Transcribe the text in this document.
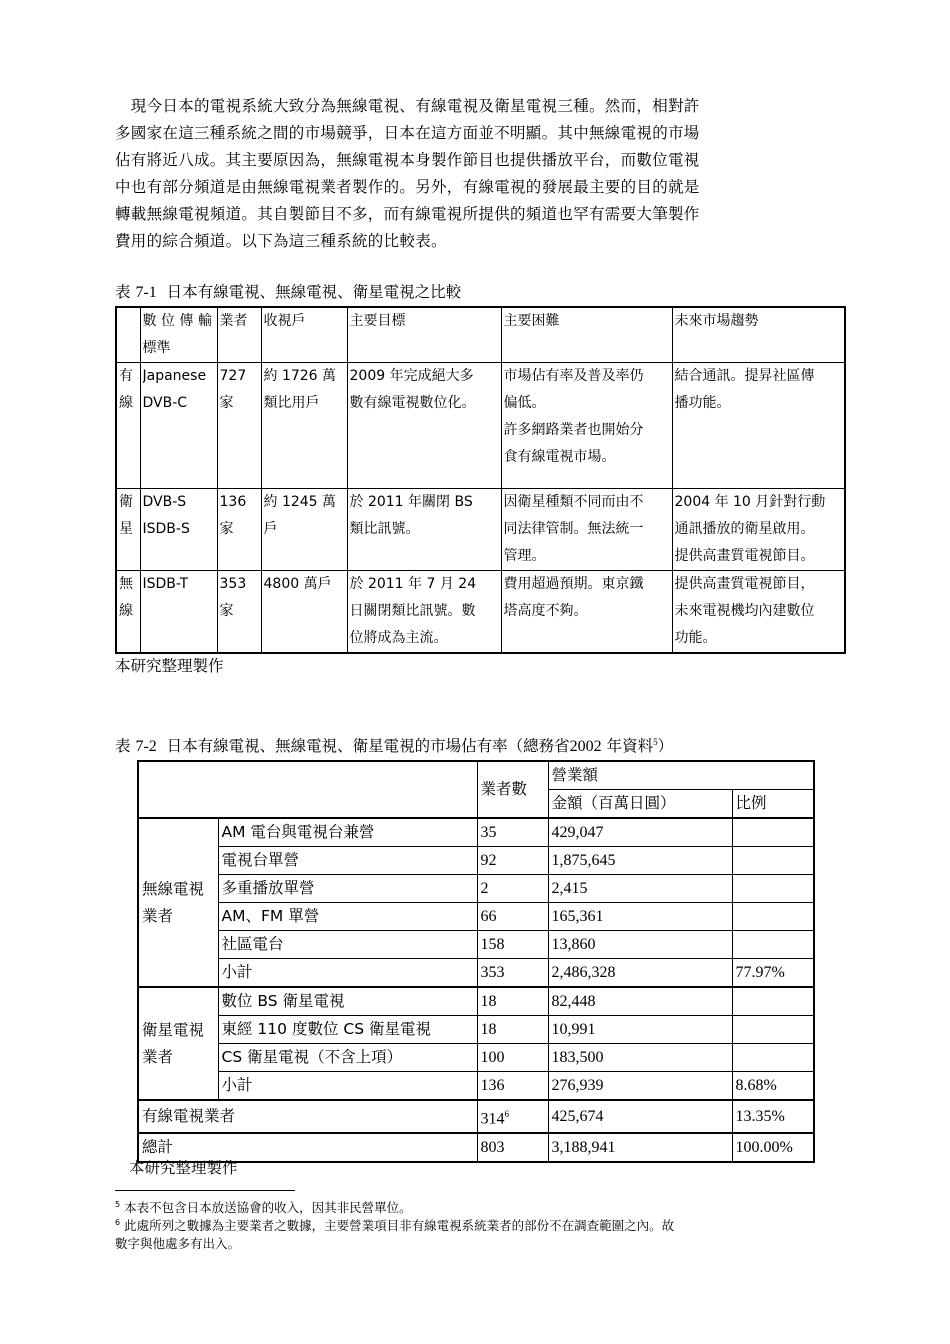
　現今日本的電視系統大致分為無線電視、有線電視及衛星電視三種。然而，相對許
多國家在這三種系統之間的市場競爭，日本在這方面並不明顯。其中無線電視的市場
佔有將近八成。其主要原因為，無線電視本身製作節目也提供播放平台，而數位電視
中也有部分頻道是由無線電視業者製作的。另外，有線電視的發展最主要的目的就是
轉載無線電視頻道。其自製節目不多，而有線電視所提供的頻道也罕有需要大筆製作
費用的綜合頻道。以下為這三種系統的比較表。
表 7-1 日本有線電視、無線電視、衛星電視之比較

	數 位 傳 輸
標準	業者	收視戶	主要目標	主要困難	未來市場趨勢

有
線	Japanese
DVB-C	727
家	約 1726 萬
類比用戶	2009 年完成絕大多
數有線電視數位化。	市場佔有率及普及率仍
偏低。
許多網路業者也開始分
食有線電視市場。	結合通訊。提昇社區傳
播功能。

衛
星	DVB-S
ISDB-S	136
家	約 1245 萬
戶	於 2011 年關閉 BS
類比訊號。	因衛星種類不同而由不
同法律管制。無法統一
管理。	2004 年 10 月針對行動
通訊播放的衛星啟用。
提供高畫質電視節目。

無
線	ISDB-T	353
家	4800 萬戶	於 2011 年 7 月 24
日關閉類比訊號。數
位將成為主流。	費用超過預期。東京鐵
塔高度不夠。	提供高畫質電視節目，
未來電視機均內建數位
功能。
本研究整理製作
表 7-2 日本有線電視、無線電視、衛星電視的市場佔有率（總務省2002 年資料$^5$）
		業者數	營業額	
			金額（百萬日圓）	比例
無線電視業者	AM 電台與電視台兼營	35	429,047	
	電視台單營	92	1,875,645	
	多重播放單營	2	2,415	
	AM、FM 單營	66	165,361	
	社區電台	158	13,860	
	小計	353	2,486,328	77.97%
衛星電視業者	數位 BS 衛星電視	18	82,448	
	東經 110 度數位 CS 衛星電視	18	10,991	
	CS 衛星電視（不含上項）	100	183,500	
	小計	136	276,939	8.68%
有線電視業者		$314^6$	425,674	13.35%
總計		803	3,188,941	100.00%
本研究整理製作
$^5$ 本表不包含日本放送協會的收入，因其非民營單位。
$^6$ 此處所列之數據為主要業者之數據，主要營業項目非有線電視系統業者的部份不在調查範圍之內。故
數字與他處多有出入。
